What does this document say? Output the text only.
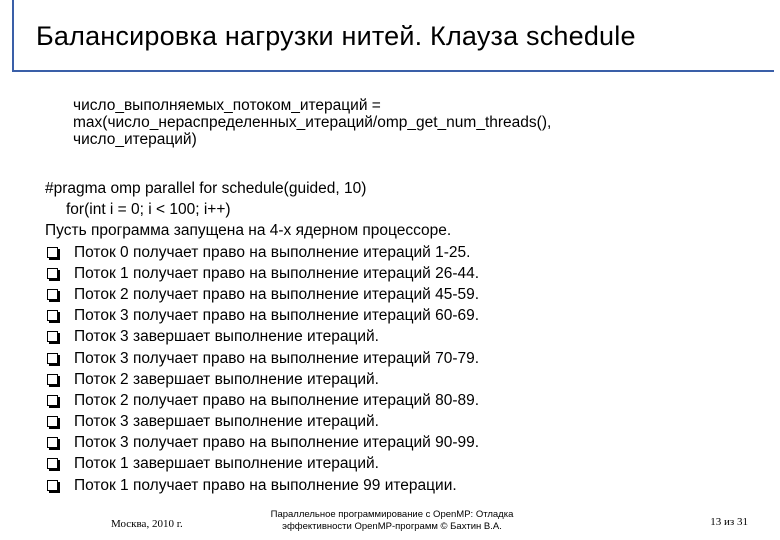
Балансировка нагрузки нитей. Клауза schedule
число_выполняемых_потоком_итераций =
max(число_нераспределенных_итераций/omp_get_num_threads(),
число_итераций)
#pragma omp parallel for schedule(guided, 10)
for(int i = 0; i < 100; i++)
Пусть программа запущена на 4-х ядерном процессоре.
Поток 0 получает право на выполнение итераций 1-25.
Поток 1 получает право на выполнение итераций 26-44.
Поток 2 получает право на выполнение итераций 45-59.
Поток 3 получает право на выполнение итераций 60-69.
Поток 3 завершает выполнение итераций.
Поток 3 получает право на выполнение итераций 70-79.
Поток 2 завершает выполнение итераций.
Поток 2 получает право на выполнение итераций 80-89.
Поток 3 завершает выполнение итераций.
Поток 3 получает право на выполнение итераций 90-99.
Поток 1 завершает выполнение итераций.
Поток 1 получает право на выполнение 99 итерации.
Москва, 2010 г.
Параллельное программирование с OpenMP: Отладка
эффективности OpenMP-программ © Бахтин В.А.	13 из 31
